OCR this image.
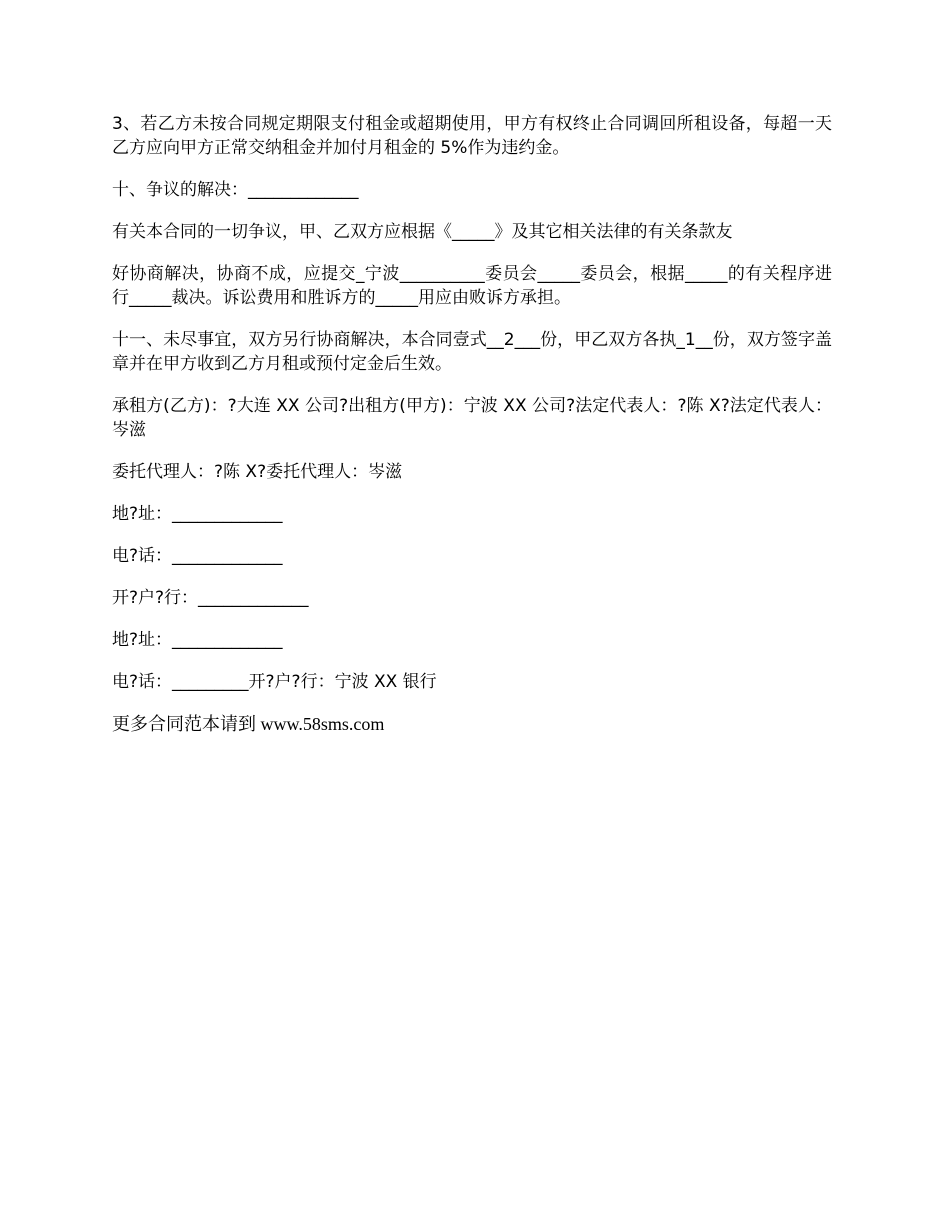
3、若乙方未按合同规定期限支付租金或超期使用，甲方有权终止合同调回所租设备，每超一天乙方应向甲方正常交纳租金并加付月租金的 5%作为违约金。

十、争议的解决：_____________

有关本合同的一切争议，甲、乙双方应根据《_____》及其它相关法律的有关条款友

好协商解决，协商不成，应提交_宁波__________委员会_____委员会，根据_____的有关程序进行_____裁决。诉讼费用和胜诉方的_____用应由败诉方承担。

十一、未尽事宜，双方另行协商解决，本合同壹式__2___份，甲乙双方各执_1__份，双方签字盖章并在甲方收到乙方月租或预付定金后生效。

承租方(乙方)：?大连 XX 公司?出租方(甲方)：宁波 XX 公司?法定代表人：?陈 X?法定代表人：岑滋

委托代理人：?陈 X?委托代理人：岑滋

地?址：_____________

电?话：_____________

开?户?行：_____________

地?址：_____________

电?话：_________开?户?行：宁波 XX 银行

更多合同范本请到 www.58sms.com
